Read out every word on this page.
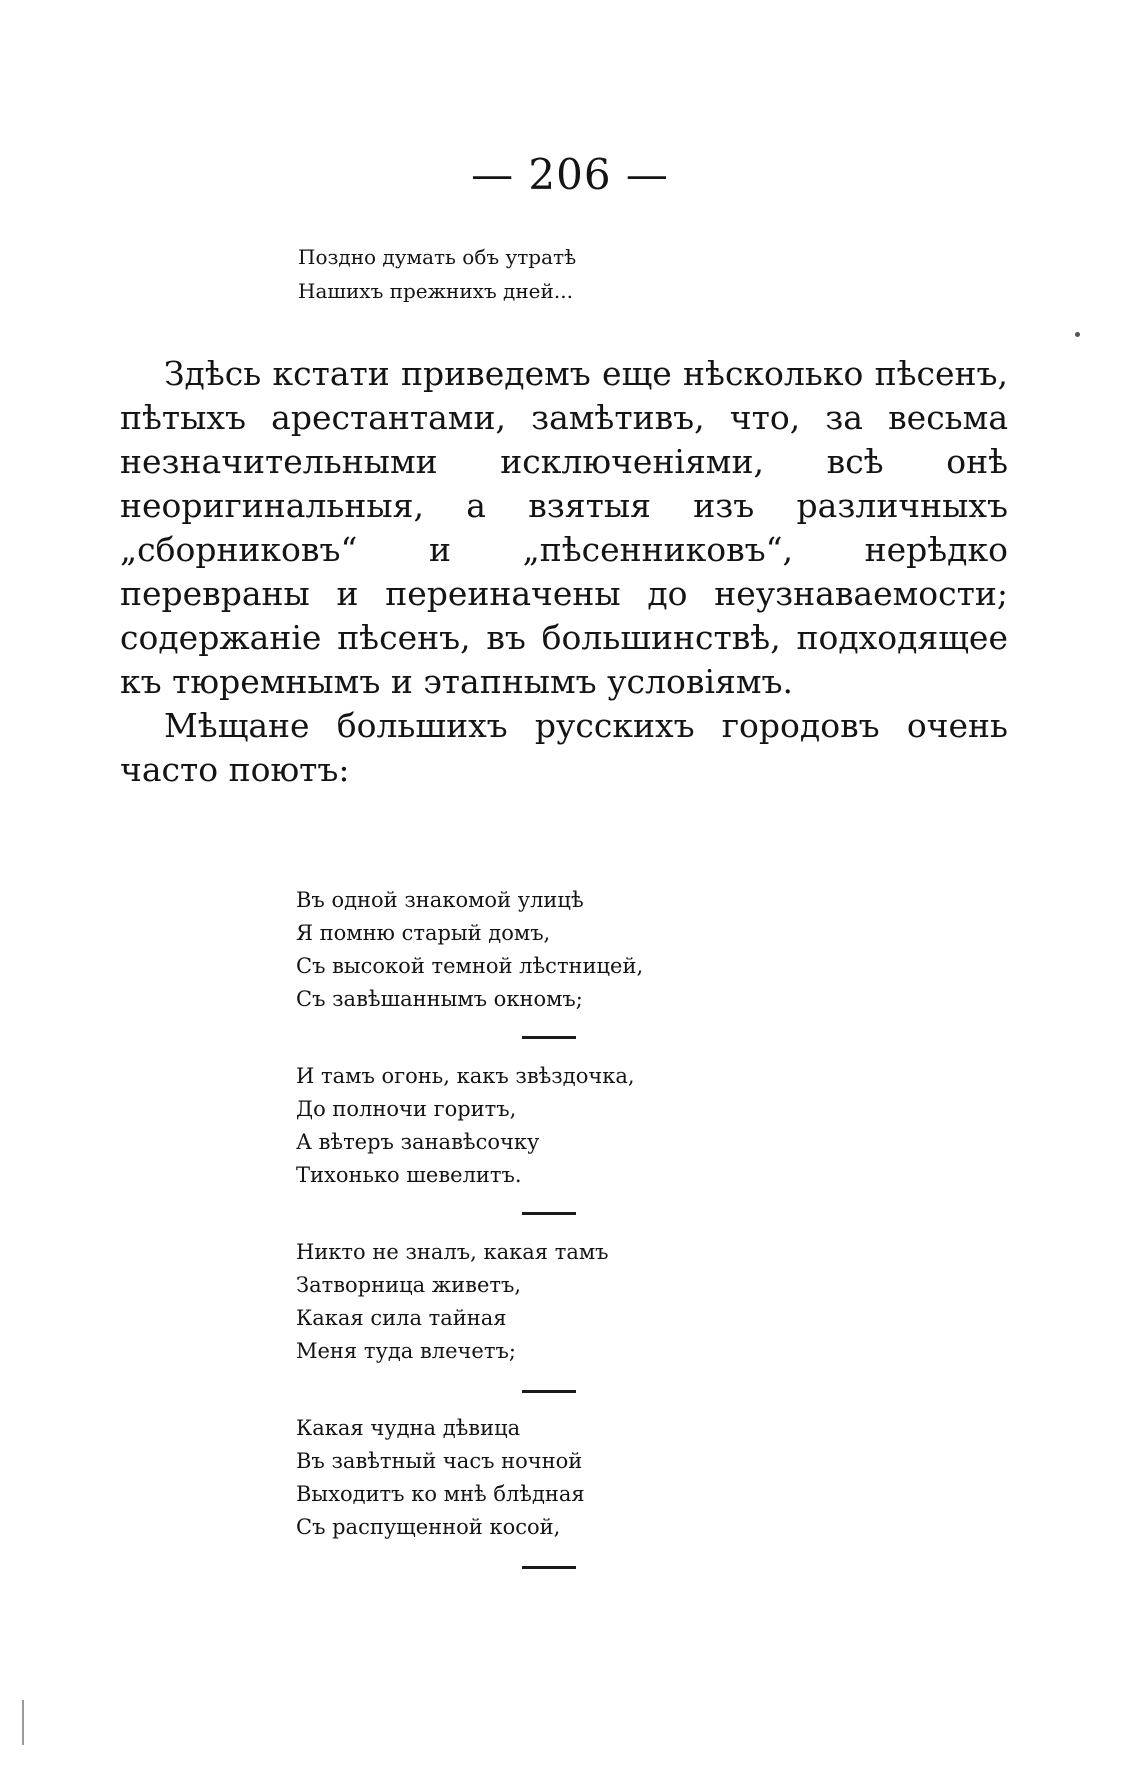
— 206 —
Поздно думать объ утратѣ
Нашихъ прежнихъ дней...

Здѣсь кстати приведемъ еще нѣсколько пѣсенъ, пѣтыхъ арестантами, замѣтивъ, что, за весьма незначительными исключеніями, всѣ онѣ неоригинальныя, а взятыя изъ различныхъ „сборниковъ“ и „пѣсенниковъ“, нерѣдко перевраны и переиначены до неузнаваемости; содержаніе пѣсенъ, въ большинствѣ, подходящее къ тюремнымъ и этапнымъ условіямъ.

Мѣщане большихъ русскихъ городовъ очень часто поютъ:

Въ одной знакомой улицѣ
Я помню старый домъ,
Съ высокой темной лѣстницей,
Съ завѣшаннымъ окномъ;
И тамъ огонь, какъ звѣздочка,
До полночи горитъ,
А вѣтеръ занавѣсочку
Тихонько шевелитъ.
Никто не зналъ, какая тамъ
Затворница живетъ,
Какая сила тайная
Меня туда влечетъ;
Какая чудна дѣвица
Въ завѣтный часъ ночной
Выходитъ ко мнѣ блѣдная
Съ распущенной косой,
